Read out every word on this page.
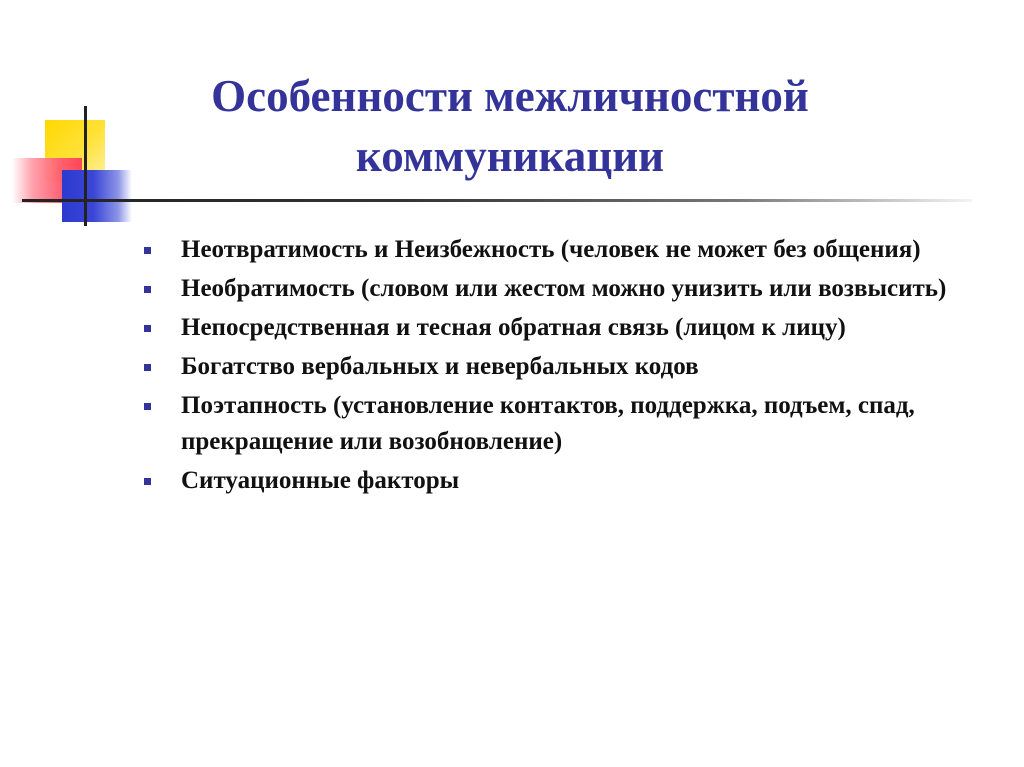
Особенности межличностной
коммуникации
Неотвратимость и Неизбежность (человек не может без общения)
Необратимость (словом или жестом можно унизить или возвысить)
Непосредственная и тесная обратная связь (лицом к лицу)
Богатство вербальных и невербальных кодов
Поэтапность (установление контактов, поддержка, подъем, спад, прекращение или возобновление)
Ситуационные факторы
